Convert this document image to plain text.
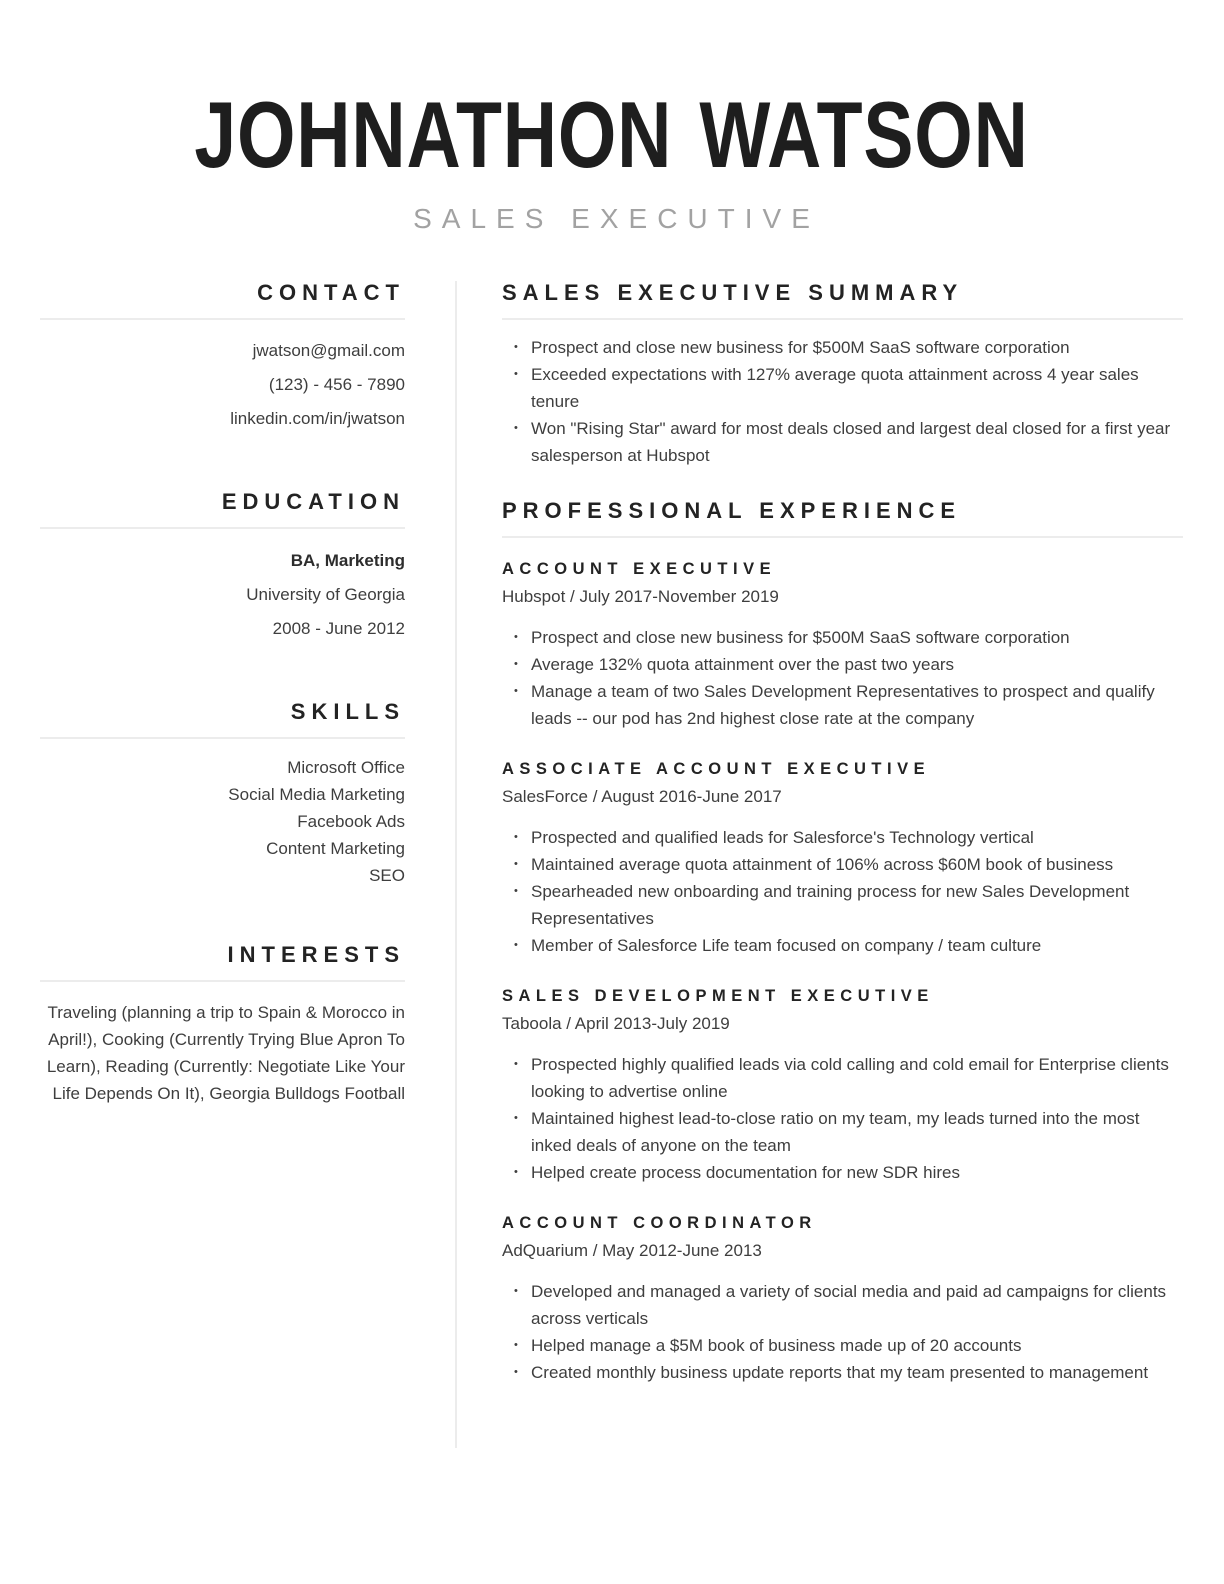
JOHNATHON WATSON
SALES EXECUTIVE
CONTACT
jwatson@gmail.com
(123) - 456 - 7890
linkedin.com/in/jwatson
EDUCATION
BA, Marketing
University of Georgia
2008 - June 2012
SKILLS
Microsoft Office
Social Media Marketing
Facebook Ads
Content Marketing
SEO
INTERESTS

Traveling (planning a trip to Spain & Morocco in April!), Cooking (Currently Trying Blue Apron To Learn), Reading (Currently: Negotiate Like Your Life Depends On It), Georgia Bulldogs Football

SALES EXECUTIVE SUMMARY
• Prospect and close new business for $500M SaaS software corporation
• Exceeded expectations with 127% average quota attainment across 4 year sales tenure
• Won "Rising Star" award for most deals closed and largest deal closed for a first year salesperson at Hubspot
PROFESSIONAL EXPERIENCE
ACCOUNT EXECUTIVE
Hubspot / July 2017-November 2019
• Prospect and close new business for $500M SaaS software corporation
• Average 132% quota attainment over the past two years
• Manage a team of two Sales Development Representatives to prospect and qualify leads -- our pod has 2nd highest close rate at the company
ASSOCIATE ACCOUNT EXECUTIVE
SalesForce / August 2016-June 2017
• Prospected and qualified leads for Salesforce's Technology vertical
• Maintained average quota attainment of 106% across $60M book of business
• Spearheaded new onboarding and training process for new Sales Development Representatives
• Member of Salesforce Life team focused on company / team culture
SALES DEVELOPMENT EXECUTIVE
Taboola / April 2013-July 2019
• Prospected highly qualified leads via cold calling and cold email for Enterprise clients looking to advertise online
• Maintained highest lead-to-close ratio on my team, my leads turned into the most inked deals of anyone on the team
• Helped create process documentation for new SDR hires
ACCOUNT COORDINATOR
AdQuarium / May 2012-June 2013
• Developed and managed a variety of social media and paid ad campaigns for clients across verticals
• Helped manage a $5M book of business made up of 20 accounts
• Created monthly business update reports that my team presented to management
